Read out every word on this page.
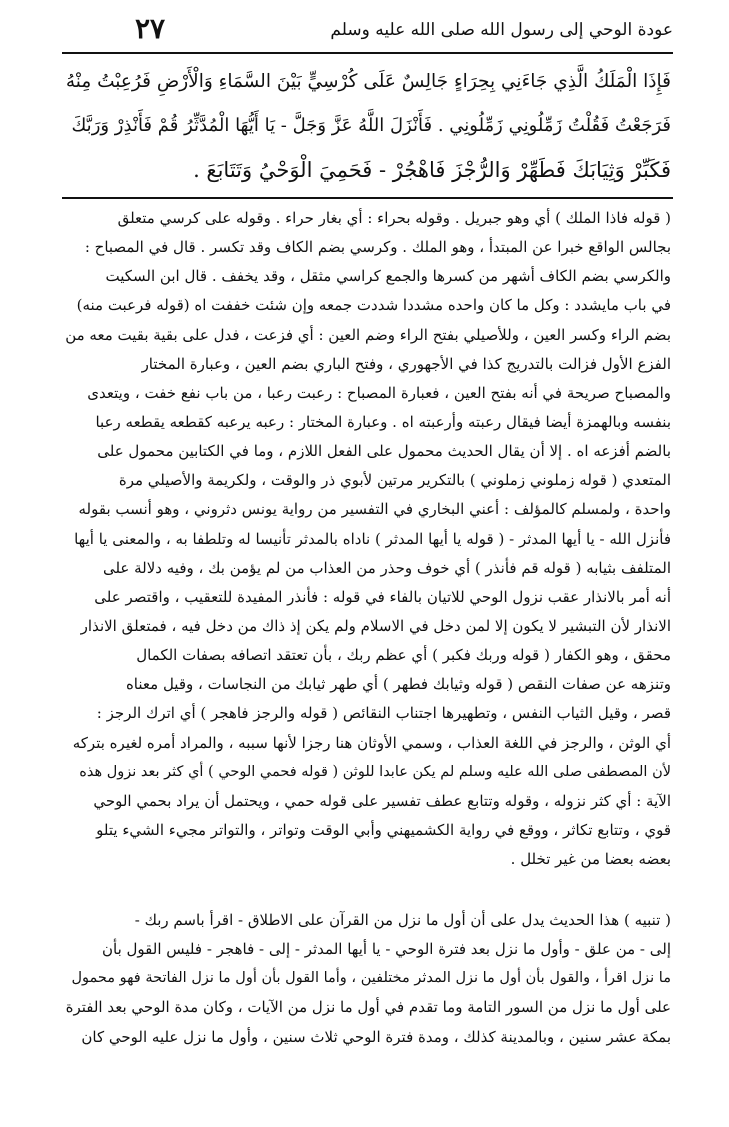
عودة الوحي إلى رسول الله صلى الله عليه وسلم
٢٧
فَإِذَا الْمَلَكُ الَّذِي جَاءَنِي بِحِرَاءٍ جَالِسٌ عَلَى كُرْسِيٍّ بَيْنَ السَّمَاءِ وَالْأَرْضِ فَرُعِبْتُ مِنْهُ
فَرَجَعْتُ فَقُلْتُ زَمِّلُونِي زَمِّلُونِي . فَأَنْزَلَ اللَّهُ عَزَّ وَجَلَّ - يَا أَيُّهَا الْمُدَّثِّرُ قُمْ فَأَنْذِرْ وَرَبَّكَ
فَكَبِّرْ وَثِيَابَكَ فَطَهِّرْ وَالرُّجْزَ فَاهْجُرْ - فَحَمِيَ الْوَحْيُ وَتَتَابَعَ .
( قوله فاذا الملك ) أي وهو جبريل . وقوله بحراء : أي بغار حراء . وقوله على كرسي متعلق
بجالس الواقع خبرا عن المبتدأ ، وهو الملك . وكرسي بضم الكاف وقد تكسر . قال في المصباح :
والكرسي بضم الكاف أشهر من كسرها والجمع كراسي مثقل ، وقد يخفف . قال ابن السكيت
في باب مايشدد : وكل ما كان واحده مشددا شددت جمعه وإن شئت خففت اه (قوله فرعبت منه)
بضم الراء وكسر العين ، وللأصيلي بفتح الراء وضم العين : أي فزعت ، فدل على بقية بقيت معه من
الفزع الأول فزالت بالتدريج كذا في الأجهوري ، وفتح الباري بضم العين ، وعبارة المختار
والمصباح صريحة في أنه بفتح العين ، فعبارة المصباح : رعبت رعبا ، من باب نفع خفت ، ويتعدى
بنفسه وبالهمزة أيضا فيقال رعبته وأرعبته اه . وعبارة المختار : رعبه يرعبه كقطعه يقطعه رعبا
بالضم أفزعه اه . إلا أن يقال الحديث محمول على الفعل اللازم ، وما في الكتابين محمول على
المتعدي ( قوله زملوني زملوني ) بالتكرير مرتين لأبوي ذر والوقت ، ولكريمة والأصيلي مرة
واحدة ، ولمسلم كالمؤلف : أعني البخاري في التفسير من رواية يونس دثروني ، وهو أنسب بقوله
فأنزل الله - يا أيها المدثر - ( قوله يا أيها المدثر ) ناداه بالمدثر تأنيسا له وتلطفا به ، والمعنى يا أيها
المتلفف بثيابه ( قوله قم فأنذر ) أي خوف وحذر من العذاب من لم يؤمن بك ، وفيه دلالة على
أنه أمر بالانذار عقب نزول الوحي للاتيان بالفاء في قوله : فأنذر المفيدة للتعقيب ، واقتصر على
الانذار لأن التبشير لا يكون إلا لمن دخل في الاسلام ولم يكن إذ ذاك من دخل فيه ، فمتعلق الانذار
محقق ، وهو الكفار ( قوله وربك فكبر ) أي عظم ربك ، بأن تعتقد اتصافه بصفات الكمال
وتنزهه عن صفات النقص ( قوله وثيابك فطهر ) أي طهر ثيابك من النجاسات ، وقيل معناه
قصر ، وقيل الثياب النفس ، وتطهيرها اجتناب النقائص ( قوله والرجز فاهجر ) أي اترك الرجز :
أي الوثن ، والرجز في اللغة العذاب ، وسمي الأوثان هنا رجزا لأنها سببه ، والمراد أمره لغيره بتركه
لأن المصطفى صلى الله عليه وسلم لم يكن عابدا للوثن ( قوله فحمي الوحي ) أي كثر بعد نزول هذه
الآية : أي كثر نزوله ، وقوله وتتابع عطف تفسير على قوله حمي ، ويحتمل أن يراد بحمي الوحي
قوي ، وتتابع تكاثر ، ووقع في رواية الكشميهني وأبي الوقت وتواتر ، والتواتر مجيء الشيء يتلو
بعضه بعضا من غير تخلل .
( تنبيه ) هذا الحديث يدل على أن أول ما نزل من القرآن على الاطلاق - اقرأ باسم ربك -
إلى - من علق - وأول ما نزل بعد فترة الوحي - يا أيها المدثر - إلى - فاهجر - فليس القول بأن
ما نزل اقرأ ، والقول بأن أول ما نزل المدثر مختلفين ، وأما القول بأن أول ما نزل الفاتحة فهو محمول
على أول ما نزل من السور التامة وما تقدم في أول ما نزل من الآيات ، وكان مدة الوحي بعد الفترة
بمكة عشر سنين ، وبالمدينة كذلك ، ومدة فترة الوحي ثلاث سنين ، وأول ما نزل عليه الوحي كان
